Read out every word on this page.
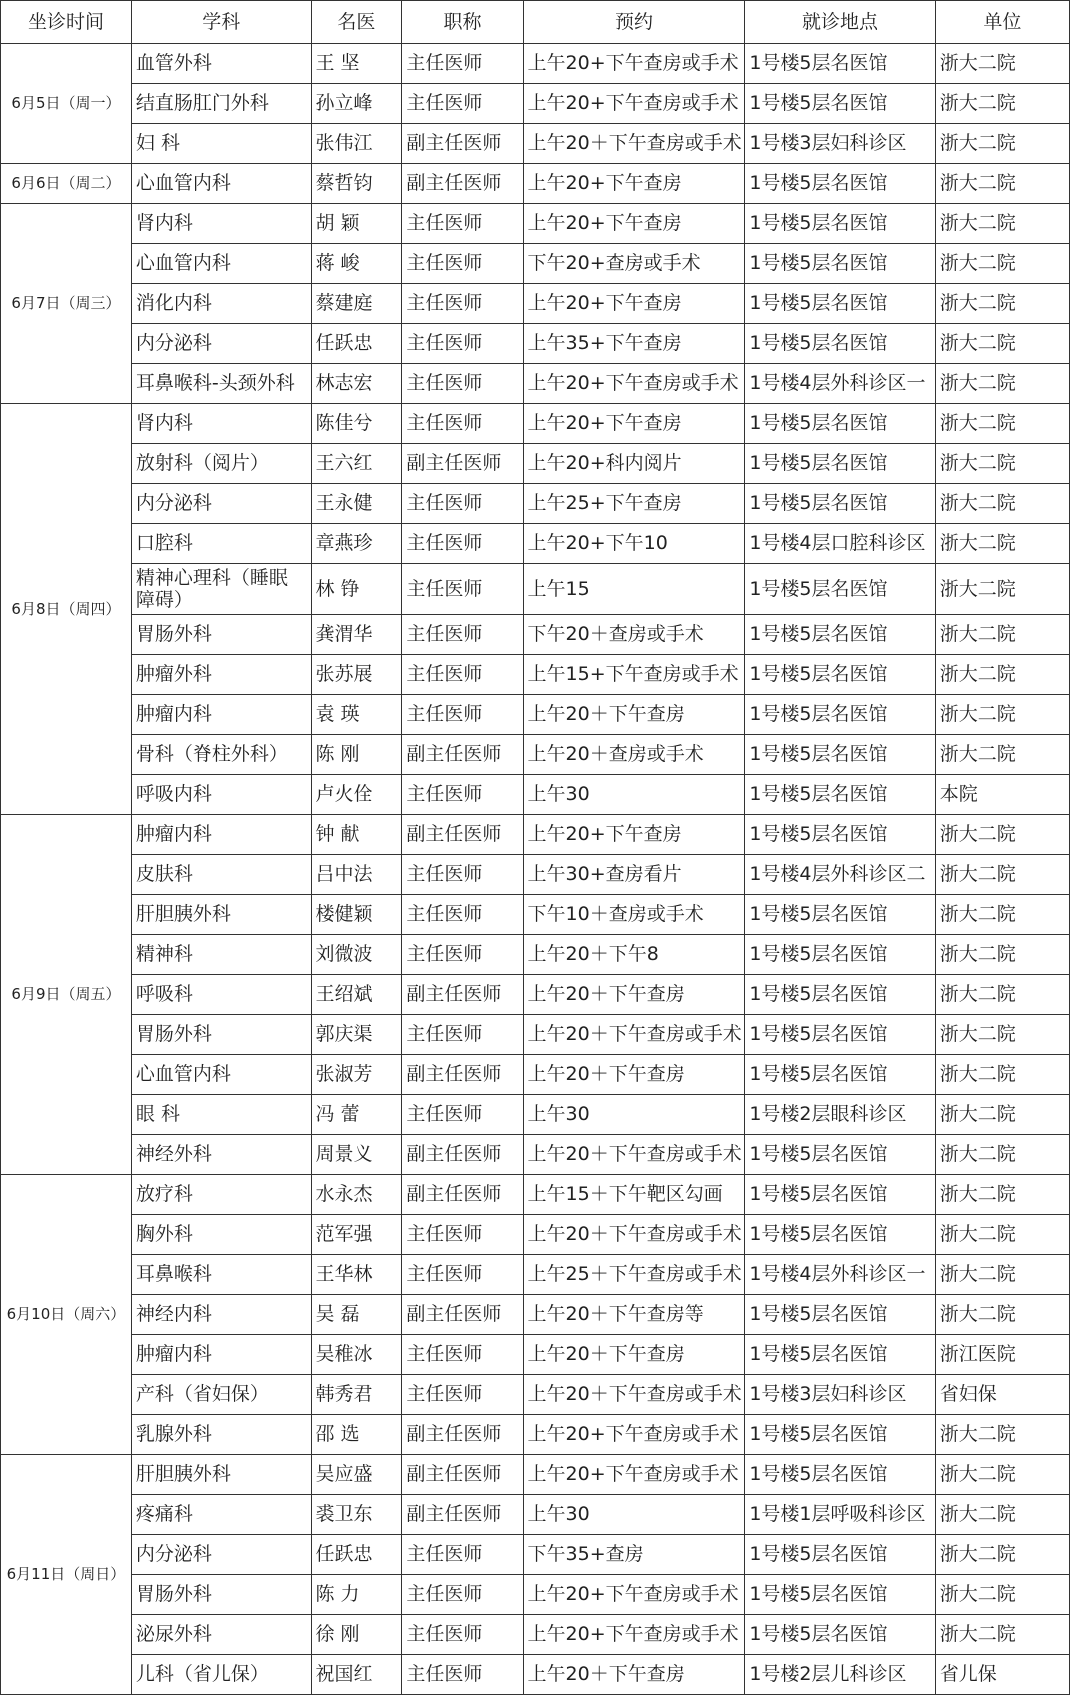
坐诊时间	学科	名医	职称	预约	就诊地点	单位
6月5日（周一）	血管外科	王 坚	主任医师	上午20+下午查房或手术	1号楼5层名医馆	浙大二院
	结直肠肛门外科	孙立峰	主任医师	上午20+下午查房或手术	1号楼5层名医馆	浙大二院
	妇 科	张伟江	副主任医师	上午20＋下午查房或手术	1号楼3层妇科诊区	浙大二院
6月6日（周二）	心血管内科	蔡哲钧	副主任医师	上午20+下午查房	1号楼5层名医馆	浙大二院
6月7日（周三）	肾内科	胡 颖	主任医师	上午20+下午查房	1号楼5层名医馆	浙大二院
	心血管内科	蒋 峻	主任医师	下午20+查房或手术	1号楼5层名医馆	浙大二院
	消化内科	蔡建庭	主任医师	上午20+下午查房	1号楼5层名医馆	浙大二院
	内分泌科	任跃忠	主任医师	上午35+下午查房	1号楼5层名医馆	浙大二院
	耳鼻喉科-头颈外科	林志宏	主任医师	上午20+下午查房或手术	1号楼4层外科诊区一	浙大二院
6月8日（周四）	肾内科	陈佳兮	主任医师	上午20+下午查房	1号楼5层名医馆	浙大二院
	放射科（阅片）	王六红	副主任医师	上午20+科内阅片	1号楼5层名医馆	浙大二院
	内分泌科	王永健	主任医师	上午25+下午查房	1号楼5层名医馆	浙大二院
	口腔科	章燕珍	主任医师	上午20+下午10	1号楼4层口腔科诊区	浙大二院
	精神心理科（睡眠障碍）	林 铮	主任医师	上午15	1号楼5层名医馆	浙大二院
	胃肠外科	龚渭华	主任医师	下午20＋查房或手术	1号楼5层名医馆	浙大二院
	肿瘤外科	张苏展	主任医师	上午15+下午查房或手术	1号楼5层名医馆	浙大二院
	肿瘤内科	袁 瑛	主任医师	上午20＋下午查房	1号楼5层名医馆	浙大二院
	骨科（脊柱外科）	陈 刚	副主任医师	上午20＋查房或手术	1号楼5层名医馆	浙大二院
	呼吸内科	卢火佺	主任医师	上午30	1号楼5层名医馆	本院
6月9日（周五）	肿瘤内科	钟 献	副主任医师	上午20+下午查房	1号楼5层名医馆	浙大二院
	皮肤科	吕中法	主任医师	上午30+查房看片	1号楼4层外科诊区二	浙大二院
	肝胆胰外科	楼健颖	主任医师	下午10＋查房或手术	1号楼5层名医馆	浙大二院
	精神科	刘微波	主任医师	上午20＋下午8	1号楼5层名医馆	浙大二院
	呼吸科	王绍斌	副主任医师	上午20＋下午查房	1号楼5层名医馆	浙大二院
	胃肠外科	郭庆渠	主任医师	上午20＋下午查房或手术	1号楼5层名医馆	浙大二院
	心血管内科	张淑芳	副主任医师	上午20＋下午查房	1号楼5层名医馆	浙大二院
	眼 科	冯 蕾	主任医师	上午30	1号楼2层眼科诊区	浙大二院
	神经外科	周景义	副主任医师	上午20＋下午查房或手术	1号楼5层名医馆	浙大二院
6月10日（周六）	放疗科	水永杰	副主任医师	上午15＋下午靶区勾画	1号楼5层名医馆	浙大二院
	胸外科	范军强	主任医师	上午20＋下午查房或手术	1号楼5层名医馆	浙大二院
	耳鼻喉科	王华林	主任医师	上午25＋下午查房或手术	1号楼4层外科诊区一	浙大二院
	神经内科	吴 磊	副主任医师	上午20＋下午查房等	1号楼5层名医馆	浙大二院
	肿瘤内科	吴稚冰	主任医师	上午20＋下午查房	1号楼5层名医馆	浙江医院
	产科（省妇保）	韩秀君	主任医师	上午20＋下午查房或手术	1号楼3层妇科诊区	省妇保
	乳腺外科	邵 选	副主任医师	上午20+下午查房或手术	1号楼5层名医馆	浙大二院
6月11日（周日）	肝胆胰外科	吴应盛	副主任医师	上午20+下午查房或手术	1号楼5层名医馆	浙大二院
	疼痛科	裘卫东	副主任医师	上午30	1号楼1层呼吸科诊区	浙大二院
	内分泌科	任跃忠	主任医师	下午35+查房	1号楼5层名医馆	浙大二院
	胃肠外科	陈 力	主任医师	上午20+下午查房或手术	1号楼5层名医馆	浙大二院
	泌尿外科	徐 刚	主任医师	上午20+下午查房或手术	1号楼5层名医馆	浙大二院
	儿科（省儿保）	祝国红	主任医师	上午20＋下午查房	1号楼2层儿科诊区	省儿保
